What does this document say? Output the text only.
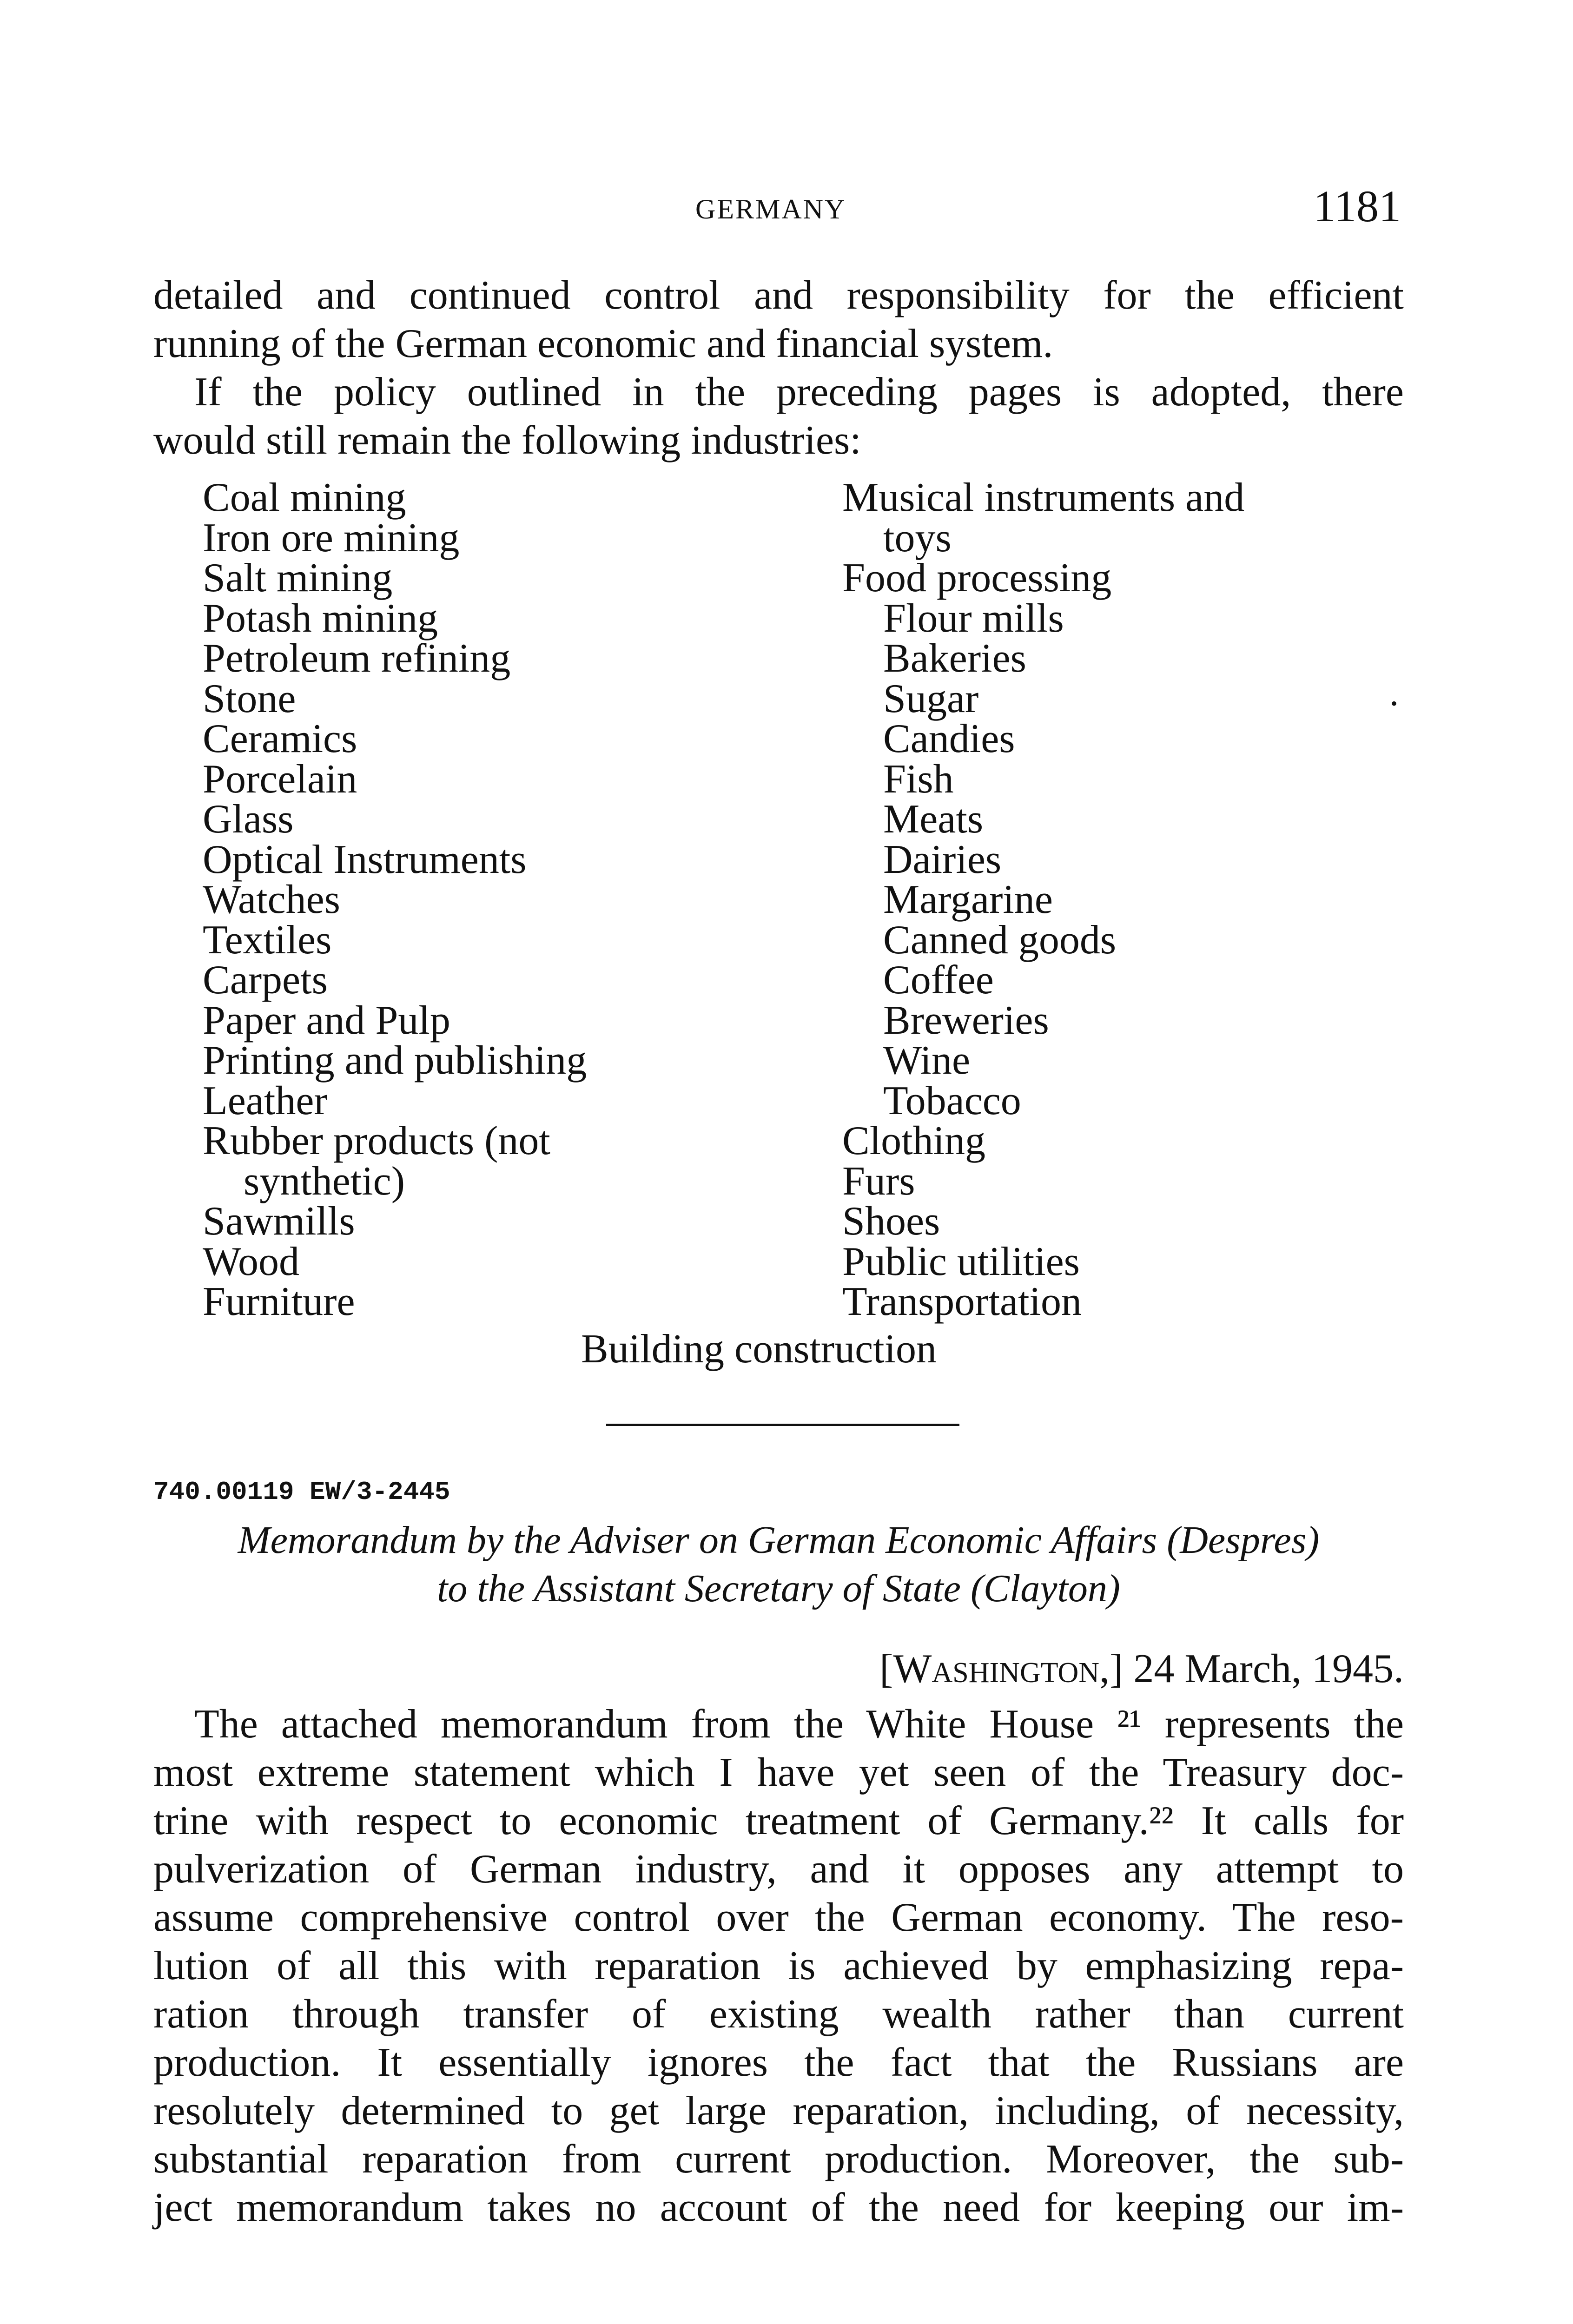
GERMANY	1181
detailed and continued control and responsibility for the efficient
running of the German economic and financial system.
If the policy outlined in the preceding pages is adopted, there
would still remain the following industries:
Coal mining
Iron ore mining
Salt mining
Potash mining
Petroleum refining
Stone
Ceramics
Porcelain
Glass
Optical Instruments
Watches
Textiles
Carpets
Paper and Pulp
Printing and publishing
Leather
Rubber products (not
synthetic)
Sawmills
Wood
Furniture
Musical instruments and
toys
Food processing
Flour mills
Bakeries
Sugar
Candies
Fish
Meats
Dairies
Margarine
Canned goods
Coffee
Breweries
Wine
Tobacco
Clothing
Furs
Shoes
Public utilities
Transportation
•
Building construction
740.00119 EW/3-2445
Memorandum by the Adviser on German Economic Affairs (Despres)
to the Assistant Secretary of State (Clayton)
[Washington,] 24 March, 1945.
The attached memorandum from the White House ²¹ represents the
most extreme statement which I have yet seen of the Treasury doc-
trine with respect to economic treatment of Germany.²² It calls for
pulverization of German industry, and it opposes any attempt to
assume comprehensive control over the German economy. The reso-
lution of all this with reparation is achieved by emphasizing repa-
ration through transfer of existing wealth rather than current
production. It essentially ignores the fact that the Russians are
resolutely determined to get large reparation, including, of necessity,
substantial reparation from current production. Moreover, the sub-
ject memorandum takes no account of the need for keeping our im-
